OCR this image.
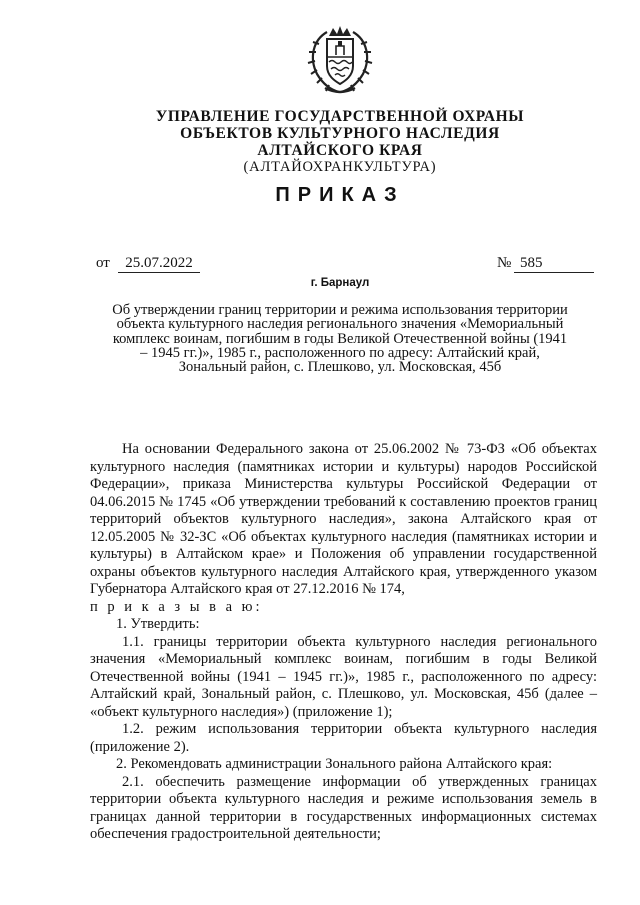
УПРАВЛЕНИЕ ГОСУДАРСТВЕННОЙ ОХРАНЫ
ОБЪЕКТОВ КУЛЬТУРНОГО НАСЛЕДИЯ
АЛТАЙСКОГО КРАЯ
(АЛТАЙОХРАНКУЛЬТУРА)
ПРИКАЗ
от	25.07.2022	№ 585
г. Барнаул
Об утверждении границ территории и режима использования территории объекта культурного наследия регионального значения «Мемориальный комплекс воинам, погибшим в годы Великой Отечественной войны (1941 – 1945 гг.)», 1985 г., расположенного по адресу: Алтайский край, Зональный район, с. Плешково, ул. Московская, 45б

На основании Федерального закона от 25.06.2002 № 73-ФЗ «Об объектах культурного наследия (памятниках истории и культуры) народов Российской Федерации», приказа Министерства культуры Российской Федерации от 04.06.2015 № 1745 «Об утверждении требований к составлению проектов границ территорий объектов культурного наследия», закона Алтайского края от 12.05.2005 № 32-ЗС «Об объектах культурного наследия (памятниках истории и культуры) в Алтайском крае» и Положения об управлении государственной охраны объектов культурного наследия Алтайского края, утвержденного указом Губернатора Алтайского края от 27.12.2016 № 174,

п р и к а з ы в а ю:

1. Утвердить:

1.1. границы территории объекта культурного наследия регионального значения «Мемориальный комплекс воинам, погибшим в годы Великой Отечественной войны (1941 – 1945 гг.)», 1985 г., расположенного по адресу: Алтайский край, Зональный район, с. Плешково, ул. Московская, 45б (далее – «объект культурного наследия») (приложение 1);

1.2. режим использования территории объекта культурного наследия (приложение 2).

2. Рекомендовать администрации Зонального района Алтайского края:

2.1. обеспечить размещение информации об утвержденных границах территории объекта культурного наследия и режиме использования земель в границах данной территории в государственных информационных системах обеспечения градостроительной деятельности;
